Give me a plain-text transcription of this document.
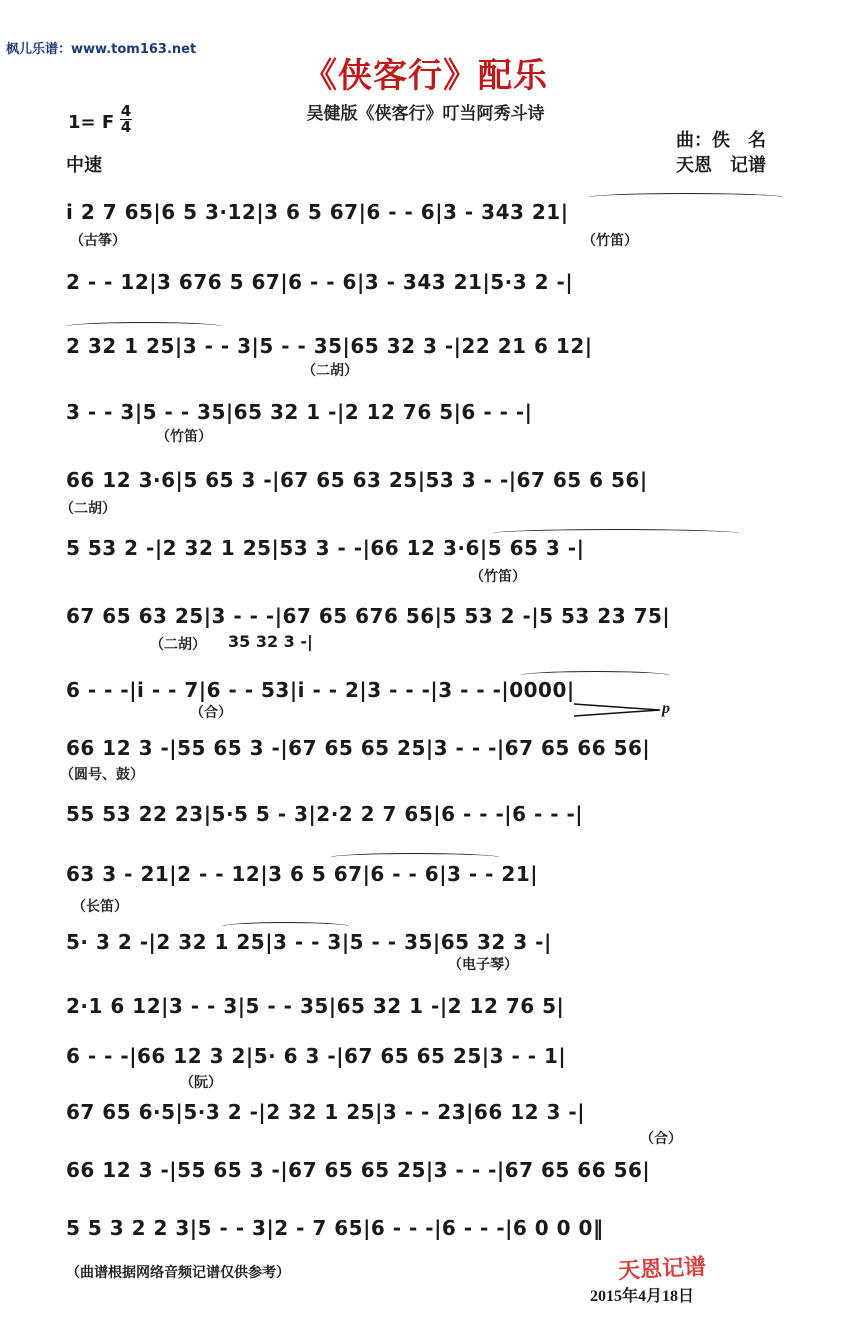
枫儿乐谱：www.tom163.net
《侠客行》配乐
吴健版《侠客行》叮当阿秀斗诗
1= F
4
4
中速
曲：佚　名
天恩　记谱
i 2 7 65|6 5 3·12|3 6 5 67|6 - - 6|3 - 343 21|
（古筝）	（竹笛）
2 - - 12|3 676 5 67|6 - - 6|3 - 343 21|5·3 2 -|
2 32 1 25|3 - - 3|5 - - 35|65 32 3 -|22 21 6 12|
（二胡）
3 - - 3|5 - - 35|65 32 1 -|2 12 76 5|6 - - -|
（竹笛）
66 12 3·6|5 65 3 -|67 65 63 25|53 3 - -|67 65 6 56|
（二胡）
5 53 2 -|2 32 1 25|53 3 - -|66 12 3·6|5 65 3 -|
（竹笛）
67 65 63 25|3 - - -|67 65 676 56|5 53 2 -|5 53 23 75|
（二胡） 35 32 3 -|
6 - - -|i - - 7|6 - - 53|i - - 2|3 - - -|3 - - -|0000|
（合）	p
66 12 3 -|55 65 3 -|67 65 65 25|3 - - -|67 65 66 56|
（圆号、鼓）
55 53 22 23|5·5 5 - 3|2·2 2 7 65|6 - - -|6 - - -|
63 3 - 21|2 - - 12|3 6 5 67|6 - - 6|3 - - 21|
（长笛）
5· 3 2 -|2 32 1 25|3 - - 3|5 - - 35|65 32 3 -|
（电子琴）
2·1 6 12|3 - - 3|5 - - 35|65 32 1 -|2 12 76 5|
6 - - -|66 12 3 2|5· 6 3 -|67 65 65 25|3 - - 1|
（阮）
67 65 6·5|5·3 2 -|2 32 1 25|3 - - 23|66 12 3 -|
（合）
66 12 3 -|55 65 3 -|67 65 65 25|3 - - -|67 65 66 56|
5 5 3 2 2 3|5 - - 3|2 - 7 65|6 - - -|6 - - -|6 0 0 0‖
（曲谱根据网络音频记谱仅供参考）	天恩记谱
2015年4月18日
